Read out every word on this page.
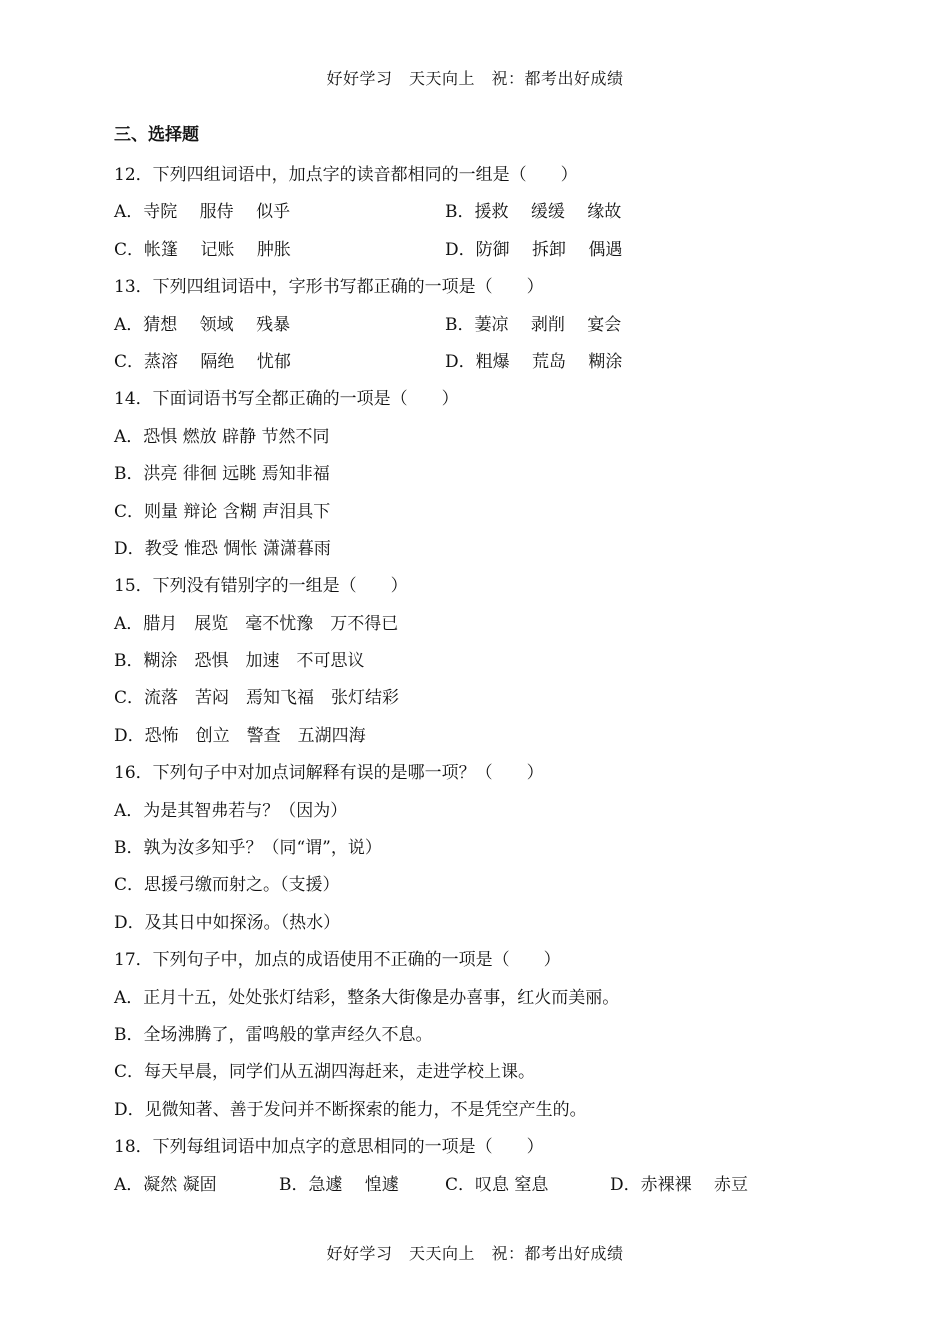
好好学习　天天向上　祝：都考出好成绩
三、选择题
12．下列四组词语中，加点字的读音都相同的一组是（　　）
A．寺院　 服侍　 似乎	B．援救　 缓缓　 缘故
C．帐篷　 记账　 肿胀	D．防御　 拆卸　 偶遇
13．下列四组词语中，字形书写都正确的一项是（　　）
A．猜想　 领域　 残暴	B．萋凉　 剥削　 宴会
C．蒸溶　 隔绝　 忧郁	D．粗爆　 荒岛　 糊涂
14．下面词语书写全都正确的一项是（　　）
A．恐惧 燃放 辟静 节然不同
B．洪亮 徘徊 远眺 焉知非福
C．则量 辩论 含糊 声泪具下
D．教受 惟恐 惆怅 潇潇暮雨
15．下列没有错别字的一组是（　　）
A．腊月　展览　毫不忧豫　万不得已
B．糊涂　恐惧　加速　不可思议
C．流落　苦闷　焉知飞福　张灯结彩
D．恐怖　创立　警查　五湖四海
16．下列句子中对加点词解释有误的是哪一项？（　　）
A．为是其智弗若与？（因为）
B．孰为汝多知乎？（同“谓”，说）
C．思援弓缴而射之。（支援）
D．及其日中如探汤。（热水）
17．下列句子中，加点的成语使用不正确的一项是（　　）
A．正月十五，处处张灯结彩，整条大街像是办喜事，红火而美丽。
B．全场沸腾了，雷鸣般的掌声经久不息。
C．每天早晨，同学们从五湖四海赶来，走进学校上课。
D．见微知著、善于发问并不断探索的能力，不是凭空产生的。
18．下列每组词语中加点字的意思相同的一项是（　　）
A．凝然 凝固	B．急遽　 惶遽	C．叹息 窒息	D．赤裸裸　 赤豆
好好学习　天天向上　祝：都考出好成绩
